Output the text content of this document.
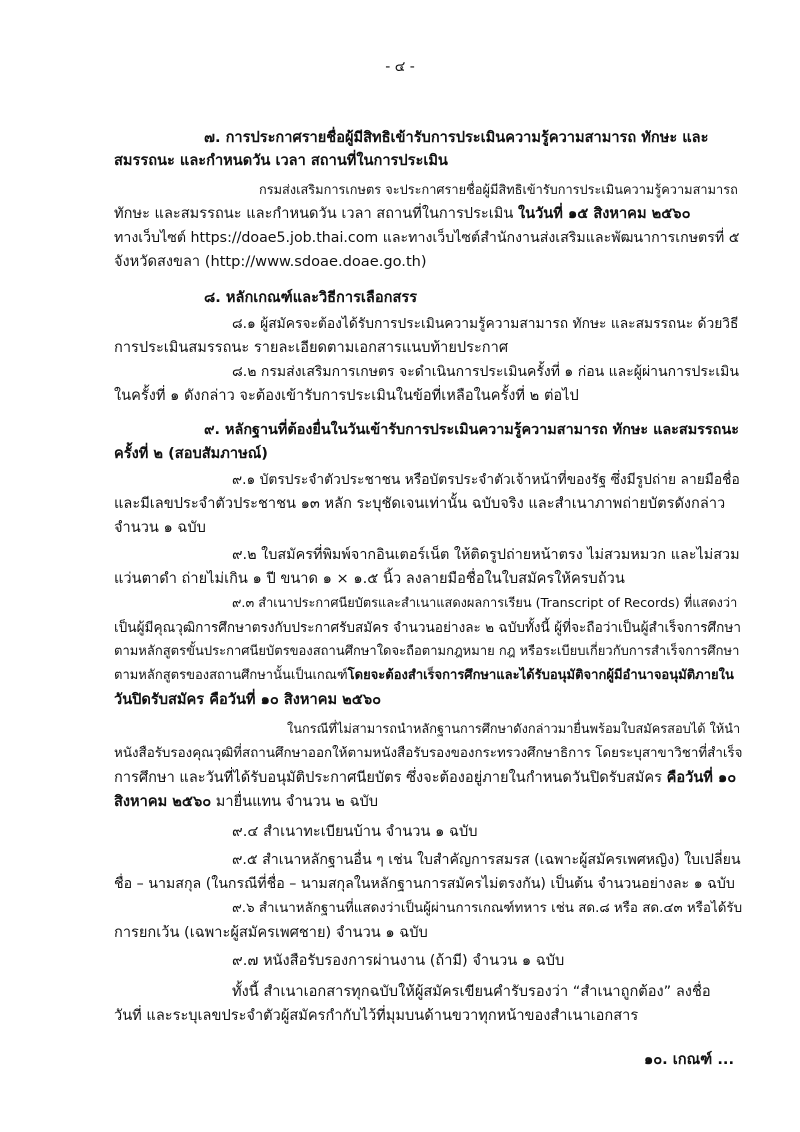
- ๔ -
๗. การประกาศรายชื่อผู้มีสิทธิเข้ารับการประเมินความรู้ความสามารถ ทักษะ และ
สมรรถนะ และกำหนดวัน เวลา สถานที่ในการประเมิน
กรมส่งเสริมการเกษตร จะประกาศรายชื่อผู้มีสิทธิเข้ารับการประเมินความรู้ความสามารถ
ทักษะ และสมรรถนะ และกำหนดวัน เวลา สถานที่ในการประเมิน ในวันที่ ๑๕ สิงหาคม ๒๕๖๐
ทางเว็บไซต์ https://doae5.job.thai.com และทางเว็บไซต์สำนักงานส่งเสริมและพัฒนาการเกษตรที่ ๕
จังหวัดสงขลา (http://www.sdoae.doae.go.th)
๘. หลักเกณฑ์และวิธีการเลือกสรร
๘.๑ ผู้สมัครจะต้องได้รับการประเมินความรู้ความสามารถ ทักษะ และสมรรถนะ ด้วยวิธี
การประเมินสมรรถนะ รายละเอียดตามเอกสารแนบท้ายประกาศ
๘.๒ กรมส่งเสริมการเกษตร จะดำเนินการประเมินครั้งที่ ๑ ก่อน และผู้ผ่านการประเมิน
ในครั้งที่ ๑ ดังกล่าว จะต้องเข้ารับการประเมินในข้อที่เหลือในครั้งที่ ๒ ต่อไป
๙. หลักฐานที่ต้องยื่นในวันเข้ารับการประเมินความรู้ความสามารถ ทักษะ และสมรรถนะ
ครั้งที่ ๒ (สอบสัมภาษณ์)
๙.๑ บัตรประจำตัวประชาชน หรือบัตรประจำตัวเจ้าหน้าที่ของรัฐ ซึ่งมีรูปถ่าย ลายมือชื่อ
และมีเลขประจำตัวประชาชน ๑๓ หลัก ระบุชัดเจนเท่านั้น ฉบับจริง และสำเนาภาพถ่ายบัตรดังกล่าว
จำนวน ๑ ฉบับ
๙.๒ ใบสมัครที่พิมพ์จากอินเตอร์เน็ต ให้ติดรูปถ่ายหน้าตรง ไม่สวมหมวก และไม่สวม
แว่นตาดำ ถ่ายไม่เกิน ๑ ปี ขนาด ๑ × ๑.๕ นิ้ว ลงลายมือชื่อในใบสมัครให้ครบถ้วน
๙.๓ สำเนาประกาศนียบัตรและสำเนาแสดงผลการเรียน (Transcript of Records) ที่แสดงว่า
เป็นผู้มีคุณวุฒิการศึกษาตรงกับประกาศรับสมัคร จำนวนอย่างละ ๒ ฉบับทั้งนี้ ผู้ที่จะถือว่าเป็นผู้สำเร็จการศึกษา
ตามหลักสูตรขั้นประกาศนียบัตรของสถานศึกษาใดจะถือตามกฎหมาย กฎ หรือระเบียบเกี่ยวกับการสำเร็จการศึกษา
ตามหลักสูตรของสถานศึกษานั้นเป็นเกณฑ์โดยจะต้องสำเร็จการศึกษาและได้รับอนุมัติจากผู้มีอำนาจอนุมัติภายใน
วันปิดรับสมัคร คือวันที่ ๑๐ สิงหาคม ๒๕๖๐
ในกรณีที่ไม่สามารถนำหลักฐานการศึกษาดังกล่าวมายื่นพร้อมใบสมัครสอบได้ ให้นำ
หนังสือรับรองคุณวุฒิที่สถานศึกษาออกให้ตามหนังสือรับรองของกระทรวงศึกษาธิการ โดยระบุสาขาวิชาที่สำเร็จ
การศึกษา และวันที่ได้รับอนุมัติประกาศนียบัตร ซึ่งจะต้องอยู่ภายในกำหนดวันปิดรับสมัคร คือวันที่ ๑๐
สิงหาคม ๒๕๖๐ มายื่นแทน จำนวน ๒ ฉบับ
๙.๔ สำเนาทะเบียนบ้าน จำนวน ๑ ฉบับ
๙.๕ สำเนาหลักฐานอื่น ๆ เช่น ใบสำคัญการสมรส (เฉพาะผู้สมัครเพศหญิง) ใบเปลี่ยน
ชื่อ – นามสกุล (ในกรณีที่ชื่อ – นามสกุลในหลักฐานการสมัครไม่ตรงกัน) เป็นต้น จำนวนอย่างละ ๑ ฉบับ
๙.๖ สำเนาหลักฐานที่แสดงว่าเป็นผู้ผ่านการเกณฑ์ทหาร เช่น สด.๘ หรือ สด.๔๓ หรือได้รับ
การยกเว้น (เฉพาะผู้สมัครเพศชาย) จำนวน ๑ ฉบับ
๙.๗ หนังสือรับรองการผ่านงาน (ถ้ามี) จำนวน ๑ ฉบับ
ทั้งนี้ สำเนาเอกสารทุกฉบับให้ผู้สมัครเขียนคำรับรองว่า “สำเนาถูกต้อง” ลงชื่อ
วันที่ และระบุเลขประจำตัวผู้สมัครกำกับไว้ที่มุมบนด้านขวาทุกหน้าของสำเนาเอกสาร
๑๐. เกณฑ์ ...
